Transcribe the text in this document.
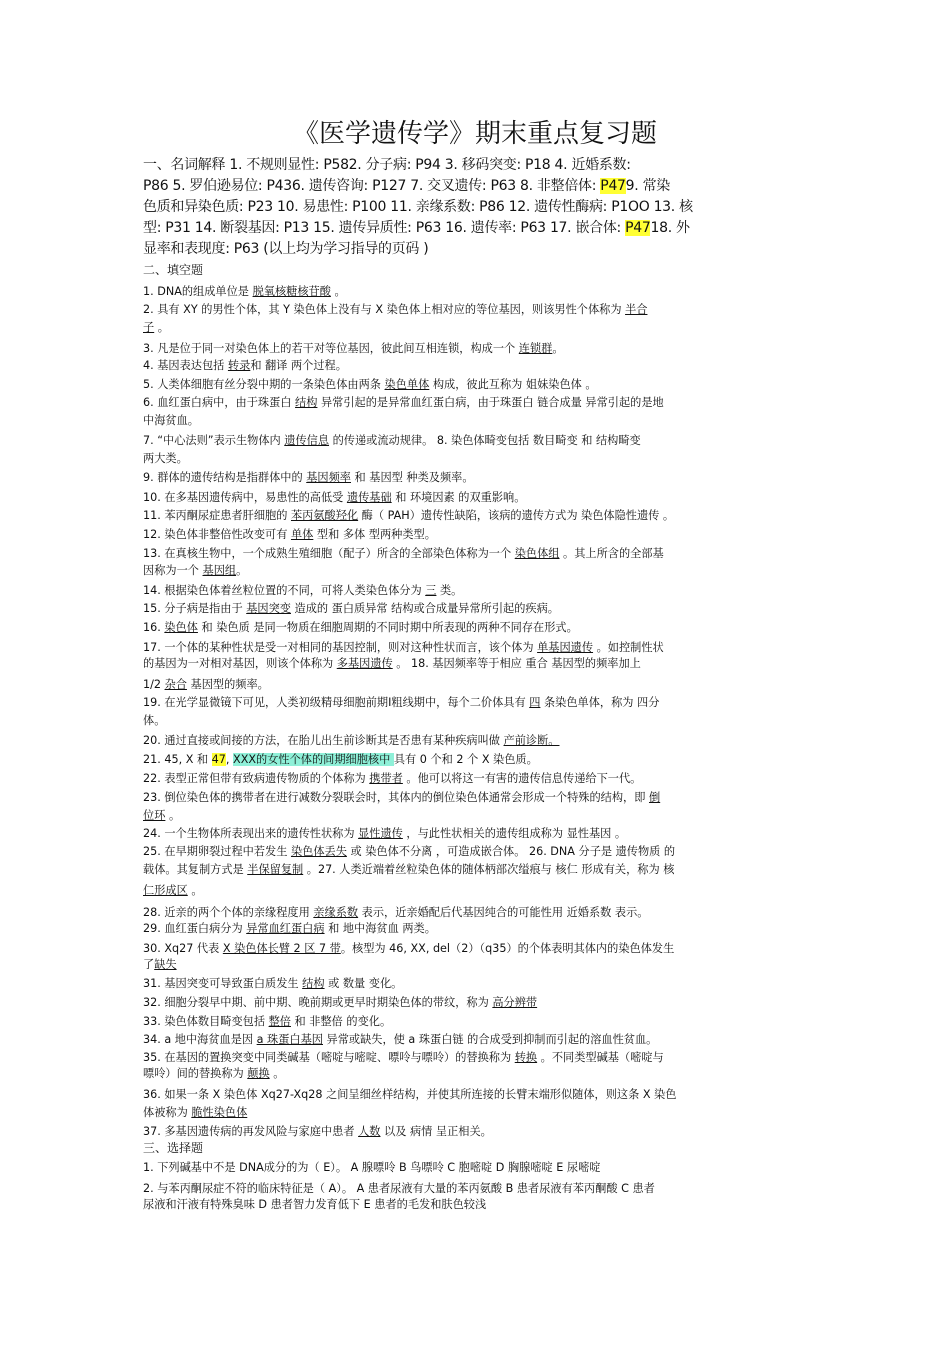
《医学遗传学》期末重点复习题
一、名词解释 1. 不规则显性: P582. 分子病: P94 3. 移码突变: P18 4. 近婚系数:
P86 5. 罗伯逊易位: P436. 遗传咨询: P127 7. 交叉遗传: P63 8. 非整倍体: P479. 常染
色质和异染色质: P23 10. 易患性: P100 11. 亲缘系数: P86 12. 遗传性酶病: P1OO 13. 核
型: P31 14. 断裂基因: P13 15. 遗传异质性: P63 16. 遗传率: P63 17. 嵌合体: P4718. 外
显率和表现度: P63 (以上均为学习指导的页码 )
二、填空题
1. DNA的组成单位是 脱氧核糖核苷酸 。
2. 具有 XY 的男性个体，其 Y 染色体上没有与 X 染色体上相对应的等位基因，则该男性个体称为 半合
子 。
3. 凡是位于同一对染色体上的若干对等位基因，彼此间互相连锁，构成一个 连锁群。
4. 基因表达包括 转录和 翻译 两个过程。
5. 人类体细胞有丝分裂中期的一条染色体由两条 染色单体 构成，彼此互称为 姐妹染色体 。
6. 血红蛋白病中，由于珠蛋白 结构 异常引起的是异常血红蛋白病，由于珠蛋白 链合成量 异常引起的是地
中海贫血。
7. “中心法则”表示生物体内 遗传信息 的传递或流动规律。 8. 染色体畸变包括 数目畸变 和 结构畸变
两大类。
9. 群体的遗传结构是指群体中的 基因频率 和 基因型 种类及频率。
10. 在多基因遗传病中，易患性的高低受 遗传基础 和 环境因素 的双重影响。
11. 苯丙酮尿症患者肝细胞的 苯丙氨酸羟化 酶（ PAH）遗传性缺陷，该病的遗传方式为 染色体隐性遗传 。
12. 染色体非整倍性改变可有 单体 型和 多体 型两种类型。
13. 在真核生物中，一个成熟生殖细胞（配子）所含的全部染色体称为一个 染色体组 。其上所含的全部基
因称为一个 基因组。
14. 根据染色体着丝粒位置的不同，可将人类染色体分为 三 类。
15. 分子病是指由于 基因突变 造成的 蛋白质异常 结构或合成量异常所引起的疾病。
16. 染色体 和 染色质 是同一物质在细胞周期的不同时期中所表现的两种不同存在形式。
17. 一个体的某种性状是受一对相同的基因控制，则对这种性状而言，该个体为 单基因遗传 。如控制性状
的基因为一对相对基因，则该个体称为 多基因遗传 。 18. 基因频率等于相应 重合 基因型的频率加上
1/2 杂合 基因型的频率。
19. 在光学显微镜下可见，人类初级精母细胞前期Ⅰ粗线期中，每个二价体具有 四 条染色单体，称为 四分
体。
20. 通过直接或间接的方法，在胎儿出生前诊断其是否患有某种疾病叫做 产前诊断。
21. 45, X 和 47, XXX的女性个体的间期细胞核中 具有 0 个和 2 个 X 染色质。
22. 表型正常但带有致病遗传物质的个体称为 携带者 。他可以将这一有害的遗传信息传递给下一代。
23. 倒位染色体的携带者在进行减数分裂联会时，其体内的倒位染色体通常会形成一个特殊的结构，即 倒
位环 。
24. 一个生物体所表现出来的遗传性状称为 显性遗传 ，与此性状相关的遗传组成称为 显性基因 。
25. 在早期卵裂过程中若发生 染色体丢失 或 染色体不分离 ，可造成嵌合体。 26. DNA 分子是 遗传物质 的
载体。其复制方式是 半保留复制 。27. 人类近端着丝粒染色体的随体柄部次缢痕与 核仁 形成有关，称为 核
仁形成区 。
28. 近亲的两个个体的亲缘程度用 亲缘系数 表示，近亲婚配后代基因纯合的可能性用 近婚系数 表示。
29. 血红蛋白病分为 异常血红蛋白病 和 地中海贫血 两类。
30. Xq27 代表 X 染色体长臂 2 区 7 带。核型为 46, XX, del（2）（q35）的个体表明其体内的染色体发生
了缺失
31. 基因突变可导致蛋白质发生 结构 或 数量 变化。
32. 细胞分裂早中期、前中期、晚前期或更早时期染色体的带纹，称为 高分辨带
33. 染色体数目畸变包括 整倍 和 非整倍 的变化。
34. a 地中海贫血是因 a 珠蛋白基因 异常或缺失，使 a 珠蛋白链 的合成受到抑制而引起的溶血性贫血。
35. 在基因的置换突变中同类碱基（嘧啶与嘧啶、嘌呤与嘌呤）的替换称为 转换 。不同类型碱基（嘧啶与
嘌呤）间的替换称为 颠换 。
36. 如果一条 X 染色体 Xq27-Xq28 之间呈细丝样结构，并使其所连接的长臂末端形似随体，则这条 X 染色
体被称为 脆性染色体
37. 多基因遗传病的再发风险与家庭中患者 人数 以及 病情 呈正相关。
1. 下列碱基中不是 DNA成分的为（ E）。 A 腺嘌呤 B 鸟嘌呤 C 胞嘧啶 D 胸腺嘧啶 E 尿嘧啶
2. 与苯丙酮尿症不符的临床特征是（ A）。 A 患者尿液有大量的苯丙氨酸 B 患者尿液有苯丙酮酸 C 患者
尿液和汗液有特殊臭味 D 患者智力发育低下 E 患者的毛发和肤色较浅
三、选择题
